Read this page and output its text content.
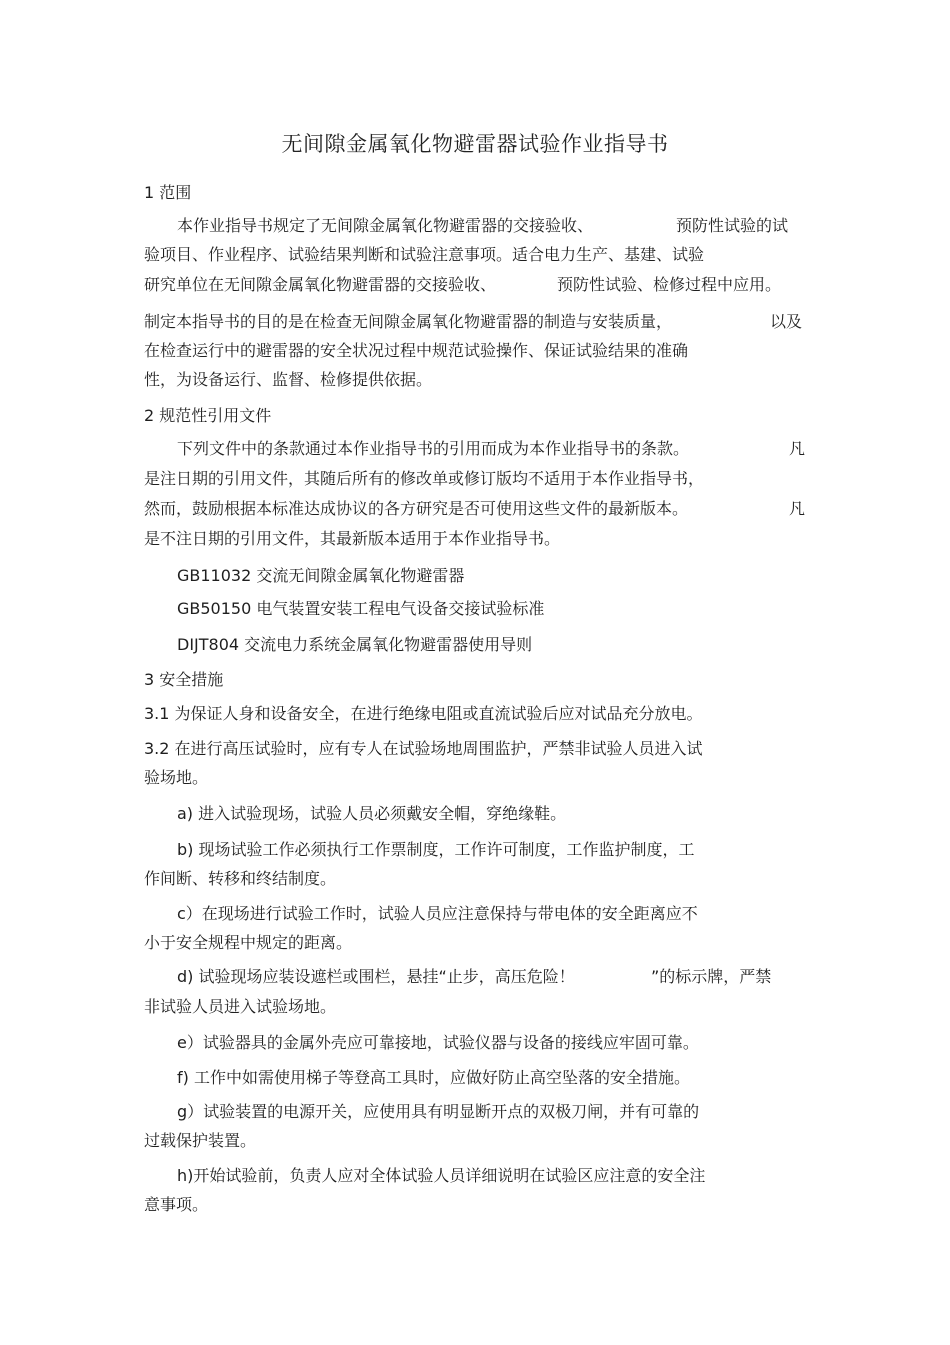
无间隙金属氧化物避雷器试验作业指导书
1 范围
本作业指导书规定了无间隙金属氧化物避雷器的交接验收、	预防性试验的试
验项目、作业程序、试验结果判断和试验注意事项。适合电力生产、基建、试验
研究单位在无间隙金属氧化物避雷器的交接验收、	预防性试验、检修过程中应用。
制定本指导书的目的是在检查无间隙金属氧化物避雷器的制造与安装质量，	以及
在检查运行中的避雷器的安全状况过程中规范试验操作、保证试验结果的准确
性，为设备运行、监督、检修提供依据。
2 规范性引用文件
下列文件中的条款通过本作业指导书的引用而成为本作业指导书的条款。	凡
是注日期的引用文件，其随后所有的修改单或修订版均不适用于本作业指导书，
然而，鼓励根据本标准达成协议的各方研究是否可使用这些文件的最新版本。	凡
是不注日期的引用文件，其最新版本适用于本作业指导书。
GB11032 交流无间隙金属氧化物避雷器
GB50150 电气装置安装工程电气设备交接试验标准
DIJT804 交流电力系统金属氧化物避雷器使用导则
3 安全措施
3.1 为保证人身和设备安全，在进行绝缘电阻或直流试验后应对试品充分放电。
3.2 在进行高压试验时，应有专人在试验场地周围监护，严禁非试验人员进入试
验场地。
a) 进入试验现场，试验人员必须戴安全帽，穿绝缘鞋。
b) 现场试验工作必须执行工作票制度，工作许可制度，工作监护制度，工
作间断、转移和终结制度。
c）在现场进行试验工作时，试验人员应注意保持与带电体的安全距离应不
小于安全规程中规定的距离。
d) 试验现场应装设遮栏或围栏，悬挂“止步，高压危险！	”的标示牌，严禁
非试验人员进入试验场地。
e）试验器具的金属外壳应可靠接地，试验仪器与设备的接线应牢固可靠。
f) 工作中如需使用梯子等登高工具时，应做好防止高空坠落的安全措施。
g）试验装置的电源开关，应使用具有明显断开点的双极刀闸，并有可靠的
过载保护装置。
h)开始试验前，负责人应对全体试验人员详细说明在试验区应注意的安全注
意事项。
